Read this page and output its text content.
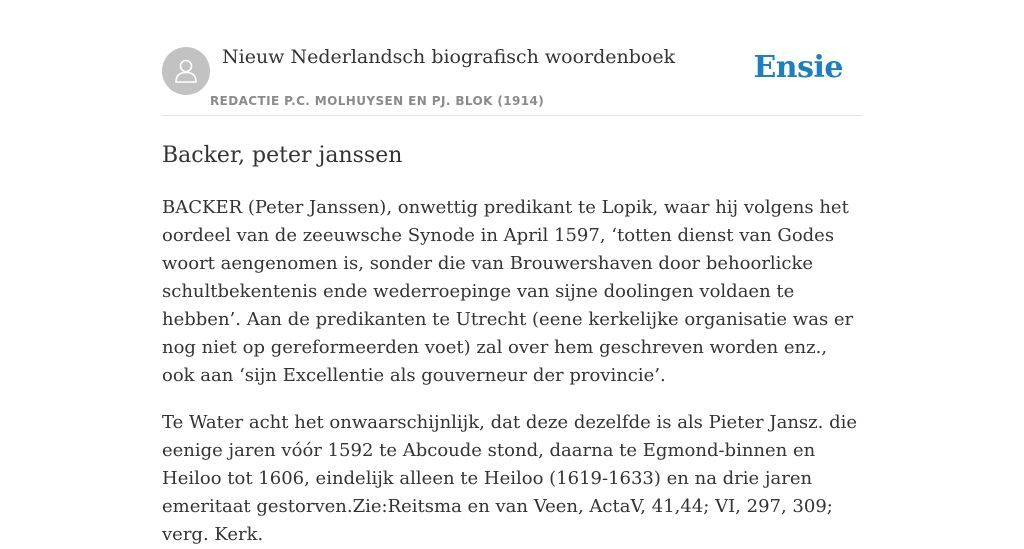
Nieuw Nederlandsch biografisch woordenboek
REDACTIE P.C. MOLHUYSEN EN PJ. BLOK (1914)
Ensie
Backer, peter janssen

BACKER (Peter Janssen), onwettig predikant te Lopik, waar hij volgens het oordeel van de zeeuwsche Synode in April 1597, ‘totten dienst van Godes woort aengenomen is, sonder die van Brouwershaven door behoorlicke schultbekentenis ende wederroepinge van sijne doolingen voldaen te hebben’. Aan de predikanten te Utrecht (eene kerkelijke organisatie was er nog niet op gereformeerden voet) zal over hem geschreven worden enz., ook aan ‘sijn Excellentie als gouverneur der provincie’.

Te Water acht het onwaarschijnlijk, dat deze dezelfde is als Pieter Jansz. die eenige jaren vóór 1592 te Abcoude stond, daarna te Egmond-binnen en Heiloo tot 1606, eindelijk alleen te Heiloo (1619-1633) en na drie jaren emeritaat gestorven.Zie:Reitsma en van Veen, ActaV, 41,44; VI, 297, 309; verg. Kerk.
